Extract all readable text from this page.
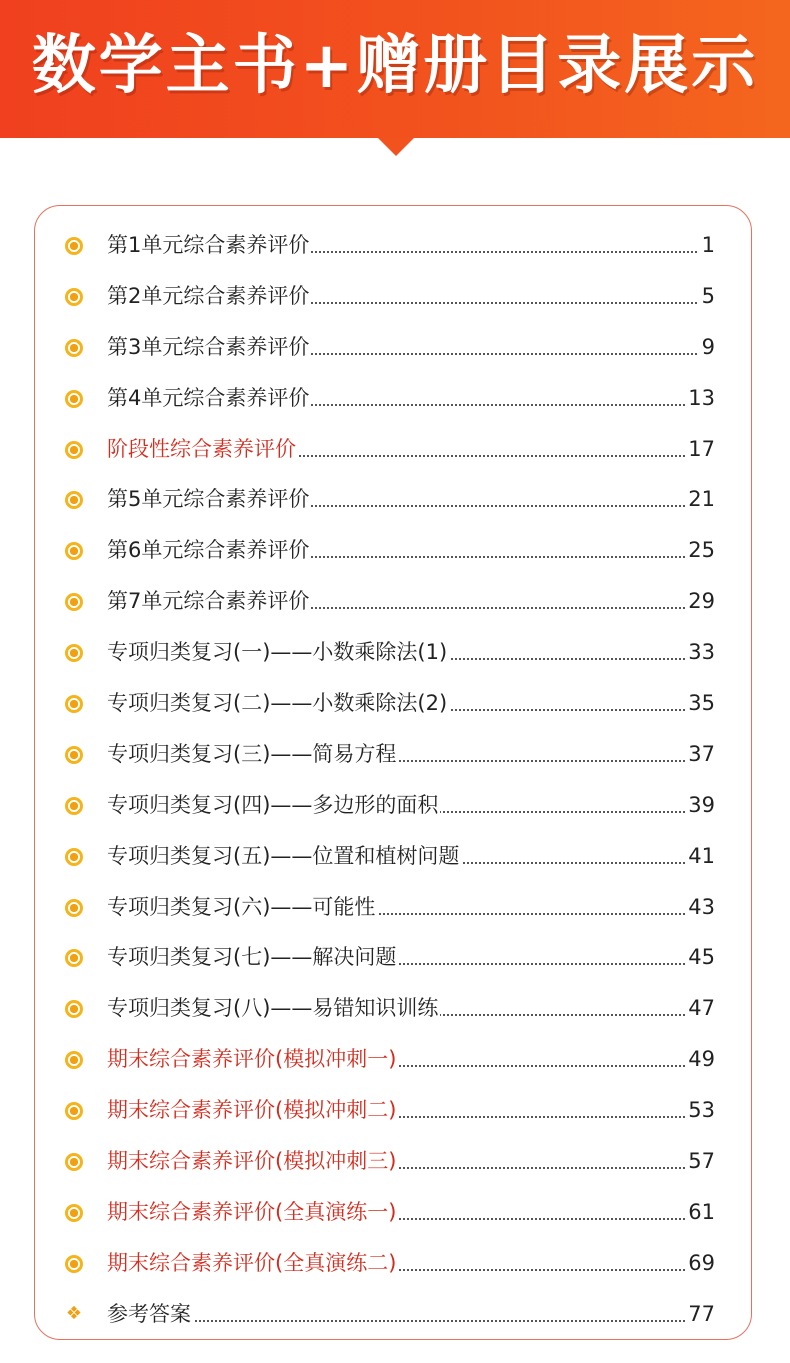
数学主书+赠册目录展示
第1单元综合素养评价	1
第2单元综合素养评价	5
第3单元综合素养评价	9
第4单元综合素养评价	13
阶段性综合素养评价	17
第5单元综合素养评价	21
第6单元综合素养评价	25
第7单元综合素养评价	29
专项归类复习(一)——小数乘除法(1)	33
专项归类复习(二)——小数乘除法(2)	35
专项归类复习(三)——简易方程	37
专项归类复习(四)——多边形的面积	39
专项归类复习(五)——位置和植树问题	41
专项归类复习(六)——可能性	43
专项归类复习(七)——解决问题	45
专项归类复习(八)——易错知识训练	47
期末综合素养评价(模拟冲刺一)	49
期末综合素养评价(模拟冲刺二)	53
期末综合素养评价(模拟冲刺三)	57
期末综合素养评价(全真演练一)	61
期末综合素养评价(全真演练二)	69
❖ 参考答案	77
